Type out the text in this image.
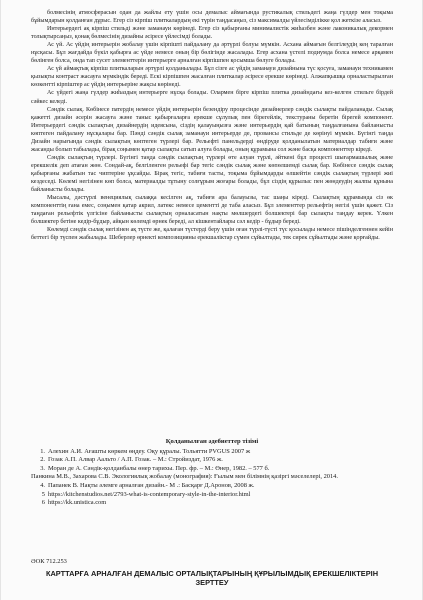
болмесінің атмосферасын одан да жайлы ету үшін осы демалыс аймағында рустикалық стильдегі жаңа гүлдер мен тоқыма бұйымдарын қолданған дұрыс. Егер сіз кірпіш плиткалардың екі түрін таңдасаңыз, сіз максималды үйлесімділікке қол жеткізе аласыз.

Интерьердегі ақ кірпіш стильді және заманауи көрінеді. Егер сіз қабырғаны минималистік жиһазбен және лаконикалық декормен толықтырсаңыз, қонақ бөлмесінің дизайны әсіресе үйлесімді болады.

Ас үй. Ас үйдің интерьерін жобалау үшін кірпішті пайдалану да әртүрлі болуы мүмкін. Асхана аймағын белгілеудің кең таралған нұсқасы. Бұл жағдайда бүкіл қабырға ас үйде немесе оның бір бөлігінде жасалады. Егер асхана үстелі подиумда болса немесе арқамен бөлінген болса, онда тап сусет элементтерін интерьерге арналған кірпішпен қосымша бөлуге болады.

Ас үй аймақтық кірпіш плиткаларын әртүрлі қолданылады. Бұл сізге ас үйдің заманауи дизайнына түс қосуға, заманауи техникамен қызықты контраст жасауға мүмкіндік береді. Ескі кірпішпен жасалған плиткалар әсіресе ерекше көрінеді. Алжапқышқа орналастырылған көзкентті кірпіштер ас үйдің интерьеріне жақсы көрінеді.

Ас үйдегі жаңа гүлдер жиһаздың интерьерге нұсқа болады. Олармен бірге кірпіш плитка дизайндағы кез-келген стильге бірдей сәйкес келеді.

Сәндік сылақ. Көбінесе патердің немесе үйдің интерьерін безендіру процесінде дизайнерлер сәндік сылақты пайдаланады. Сылақ қажетті дизайн әсерін жасауға және таныс қабырғаларға ерекше сұлулық пен бірегейлік, текстураны беретін бірегей компонент. Интерьердегі сәндік сылақтың дизайнердің идеясына, сіздің қалауыңызға және интерьердің қай батының таңдалғанына байланысты көптеген пайдалану нұсқалары бар. Пәнді сәндік сылақ заманауи интерьерде де, провансы стильде де көрінуі мүмкін. Бүгінгі таңда Дизайн нарығында сәндік сылақтың көптеген түрлері бар. Рельефті панельдерді өндіруде қолданылатын материалдар табиғи және жасанды болып табылады, бірақ соңымен қатар сылақты сатып алуға болады, оның құрамына сол және басқа компоненттер кіреді.

Сәндік сылақтың түрлері. Бүгінгі таңда сәндік сылақтың түрлері өте алуан түрлі, әйткені бұл процесті шығармашылық және ерекшелік деп атаған жөн. Сондай-ақ, белгіленген рельефі бар тегіс сәндік сылақ және көпөлшемді сылақ бар. Көбінесе сәндік сылақ қабырғаны жабатын тас чиптеріне ұқсайды. Бірақ тегіс, табиғи тасты, тоқыма бұйымдарды өлшейтін сәндік сылақтың түрлері жиі кездеседі. Көлемі негізінен көп болса, материалды тұтыну солғұрым жоғары болады, бұл сіздің құрылыс пен жөндеудің жалпы құнына байланысты болады.

Мысалы, дәстүрлі венециялық сылаққа кесілген ақ, табиғи ара балауызы, тас шаңы кіреді. Сылақтың құрамында сіз өк компоненттің ғана емес, соңымен қатар акрил, латекс немесе цементті де таба аласыз. Бұл элементтер рельефтің негізі үшін қажет. Сіз таңдаған рельефтік үлгісіне байланысты сылақтың орналасатын нақты мөлшердегі болшектері бар сылақты таңдау керек. Үлкен болшектер бетіне кедір-бұдыр, айқын көлемді өрнек береді, ал кішкентайлары сәл кедір - бұдыр береді.

Көлемді сәндік сылақ негізінен ақ түсте же, қалаған түстерді беру үшін оған түрлі-түсті түс қосылады немесе пішінделгеннен кейін беттегі бір түспен жабылады. Шеберлер өрнекті композицияны ерекшаліктар сүмен сұйылтады, тек сирек сұйылтады және қорғайды.

Қолданылған әдебиеттер тізімі
1. Алехин А.И. Ағашты көркем өңдеу. Оқу құралы. Тольятти PVGUS 2007 ж
2. Гозак А.П. Алвар Аальто / А.П. Гозак. – М.: Стройиздат, 1976 ж.
3. Моран де А. Сәндік-қолданбалы өнер тарихы. Пер. фр. – М.: Өнер, 1982. – 577 б.
Панкина М.В., Захарова С.В. Экологиялық жобалау (монография): Ғылым мен білімнің қазіргі мәселелері, 2014.
4. Папанек В. Нақты әлемге арналған дизайн.- М .: Басқарғ Д.Аронов, 2008 ж.
5 https://kitchenstudios.net/2793-what-is-contemporary-style-in-the-interior.html
6 https://kk.unistica.com
ӘОК 712.253
КАРТТАРҒА АРНАЛҒАН ДЕМАЛЫС ОРТАЛЫҚТАРЫНЫҢ ҚҰРЫЛЫМДЫҚ ЕРЕКШЕЛІКТЕРІН ЗЕРТТЕУ
